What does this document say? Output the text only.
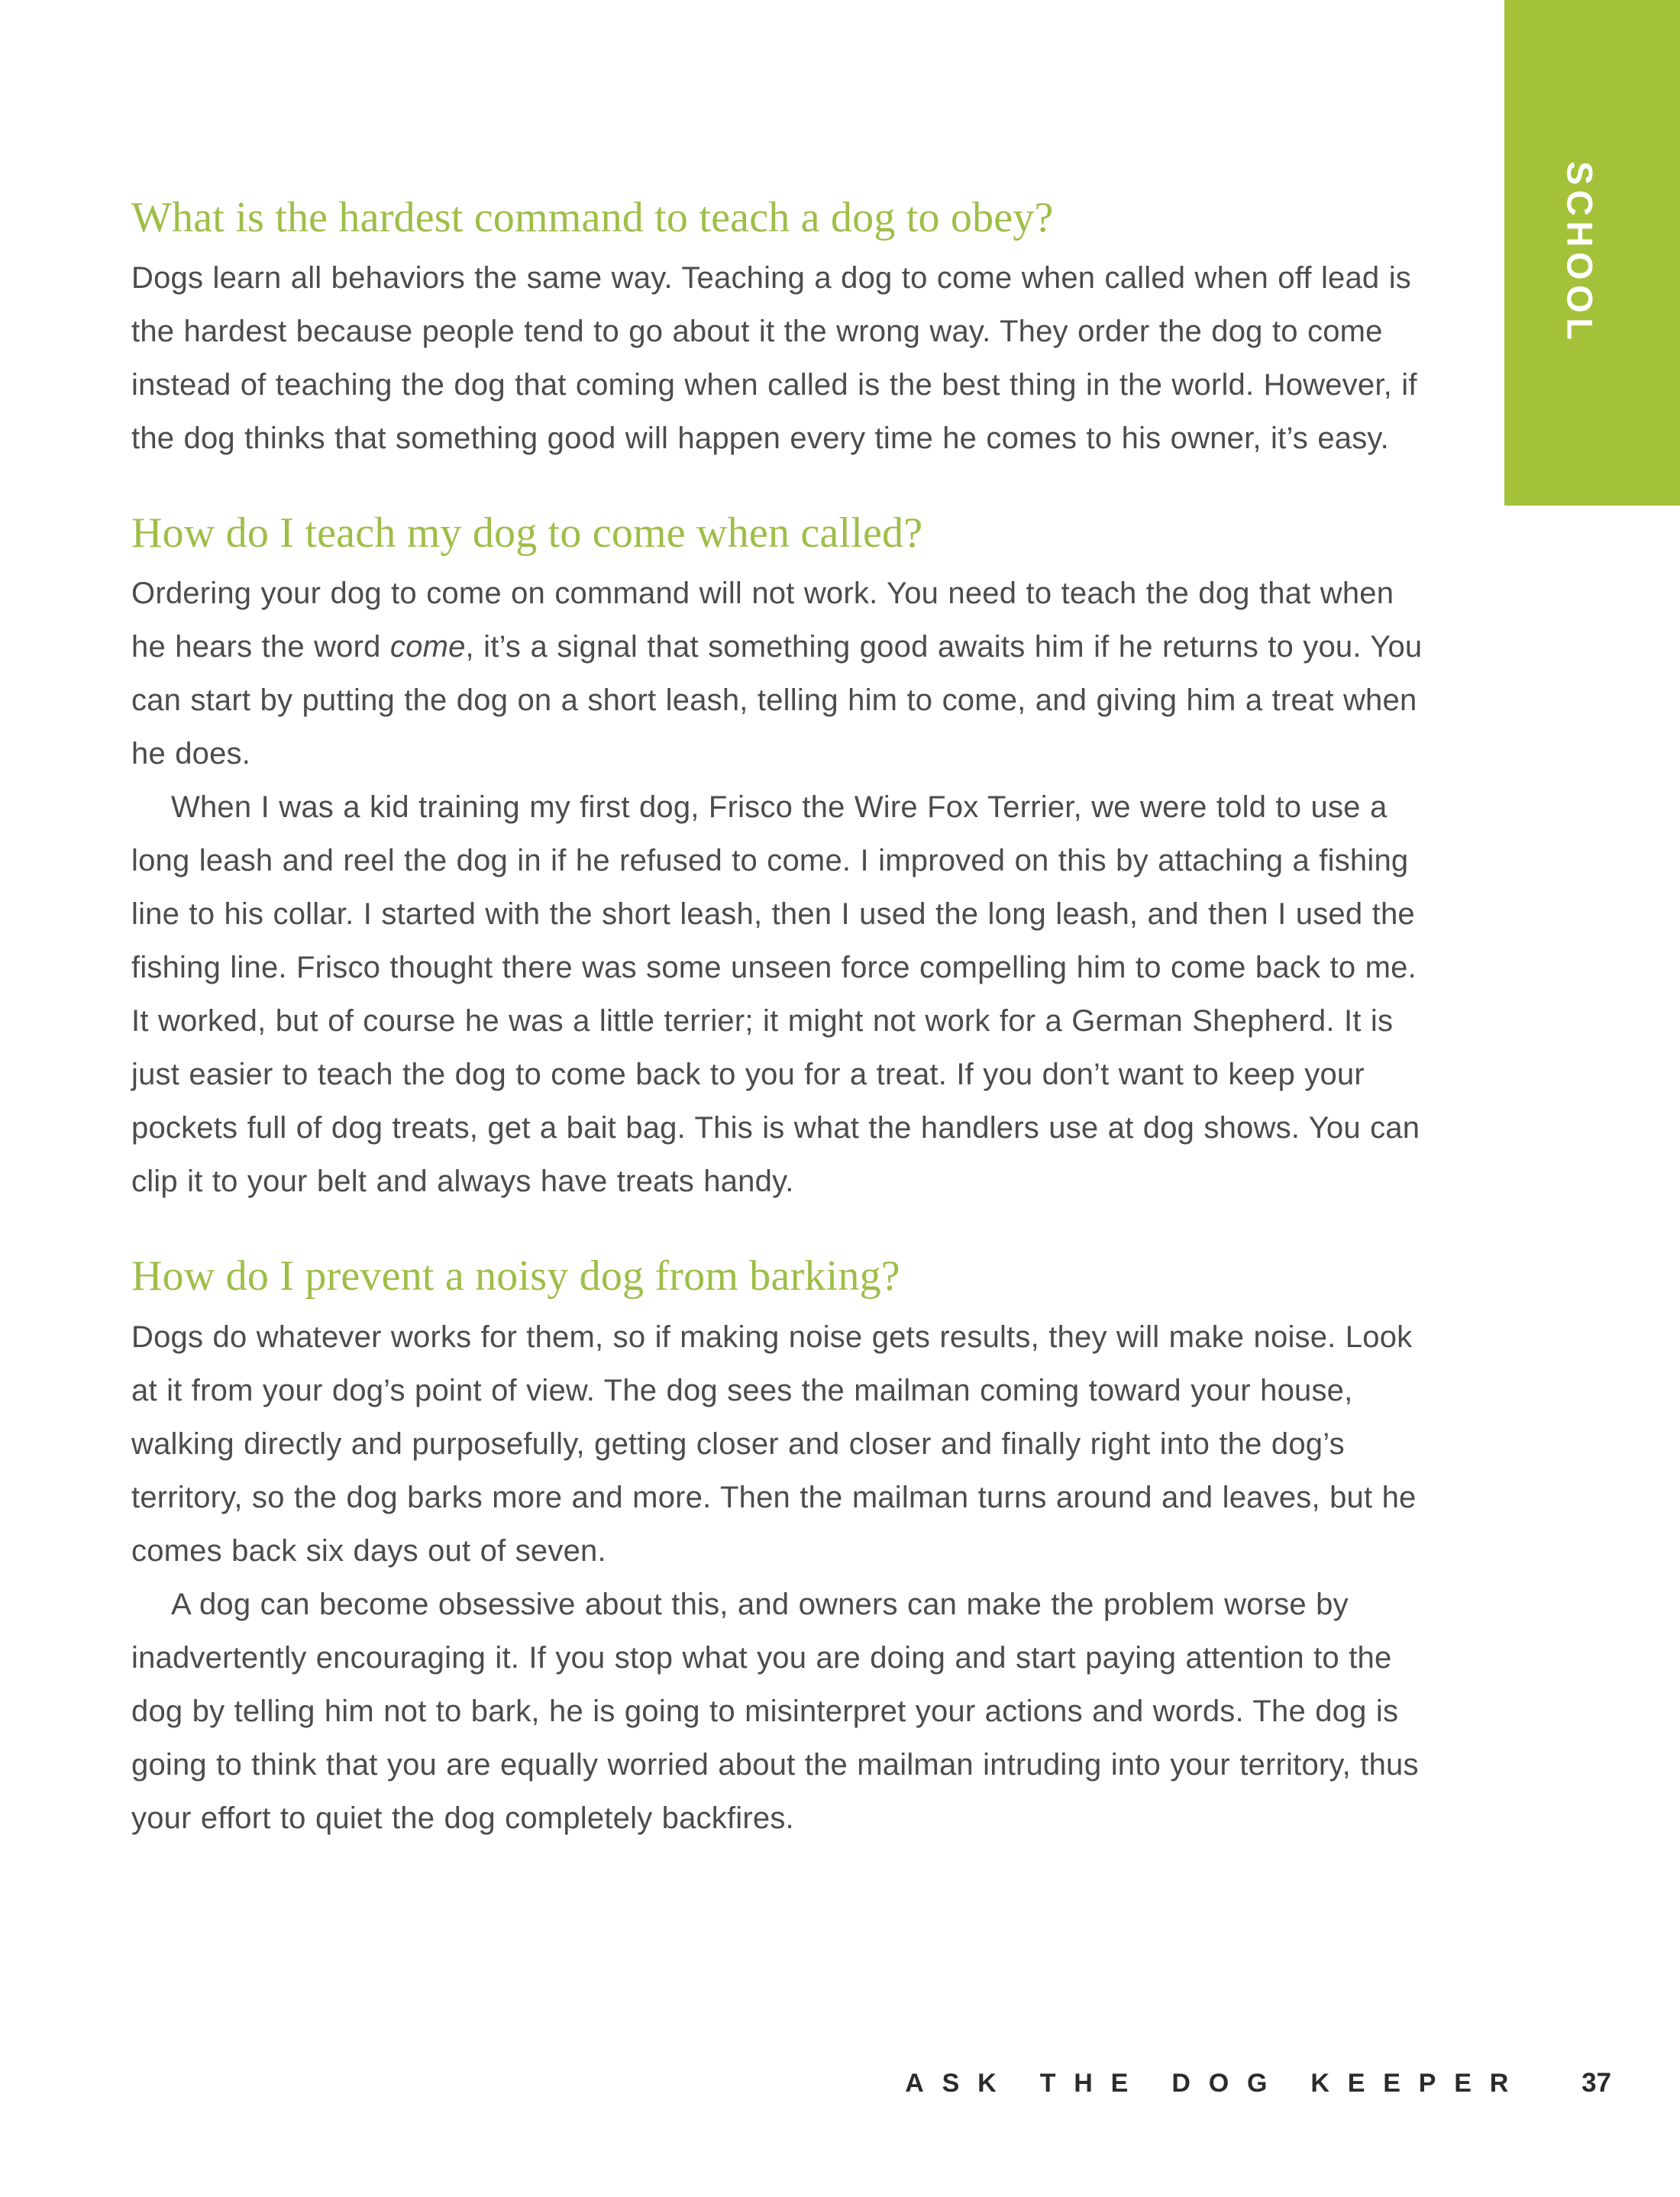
SCHOOL
What is the hardest command to teach a dog to obey?

Dogs learn all behaviors the same way. Teaching a dog to come when called when off lead is the hardest because people tend to go about it the wrong way. They order the dog to come instead of teaching the dog that coming when called is the best thing in the world. However, if the dog thinks that something good will happen every time he comes to his owner, it’s easy.

How do I teach my dog to come when called?

Ordering your dog to come on command will not work. You need to teach the dog that when he hears the word come, it’s a signal that something good awaits him if he returns to you. You can start by putting the dog on a short leash, telling him to come, and giving him a treat when he does.

When I was a kid training my first dog, Frisco the Wire Fox Terrier, we were told to use a long leash and reel the dog in if he refused to come. I improved on this by attaching a fishing line to his collar. I started with the short leash, then I used the long leash, and then I used the fishing line. Frisco thought there was some unseen force compelling him to come back to me. It worked, but of course he was a little terrier; it might not work for a German Shepherd. It is just easier to teach the dog to come back to you for a treat. If you don’t want to keep your pockets full of dog treats, get a bait bag. This is what the handlers use at dog shows. You can clip it to your belt and always have treats handy.

How do I prevent a noisy dog from barking?

Dogs do whatever works for them, so if making noise gets results, they will make noise. Look at it from your dog’s point of view. The dog sees the mailman coming toward your house, walking directly and purposefully, getting closer and closer and finally right into the dog’s territory, so the dog barks more and more. Then the mailman turns around and leaves, but he comes back six days out of seven.

A dog can become obsessive about this, and owners can make the problem worse by inadvertently encouraging it. If you stop what you are doing and start paying attention to the dog by telling him not to bark, he is going to misinterpret your actions and words. The dog is going to think that you are equally worried about the mailman intruding into your territory, thus your effort to quiet the dog completely backfires.

ASK THE DOG KEEPER 37
